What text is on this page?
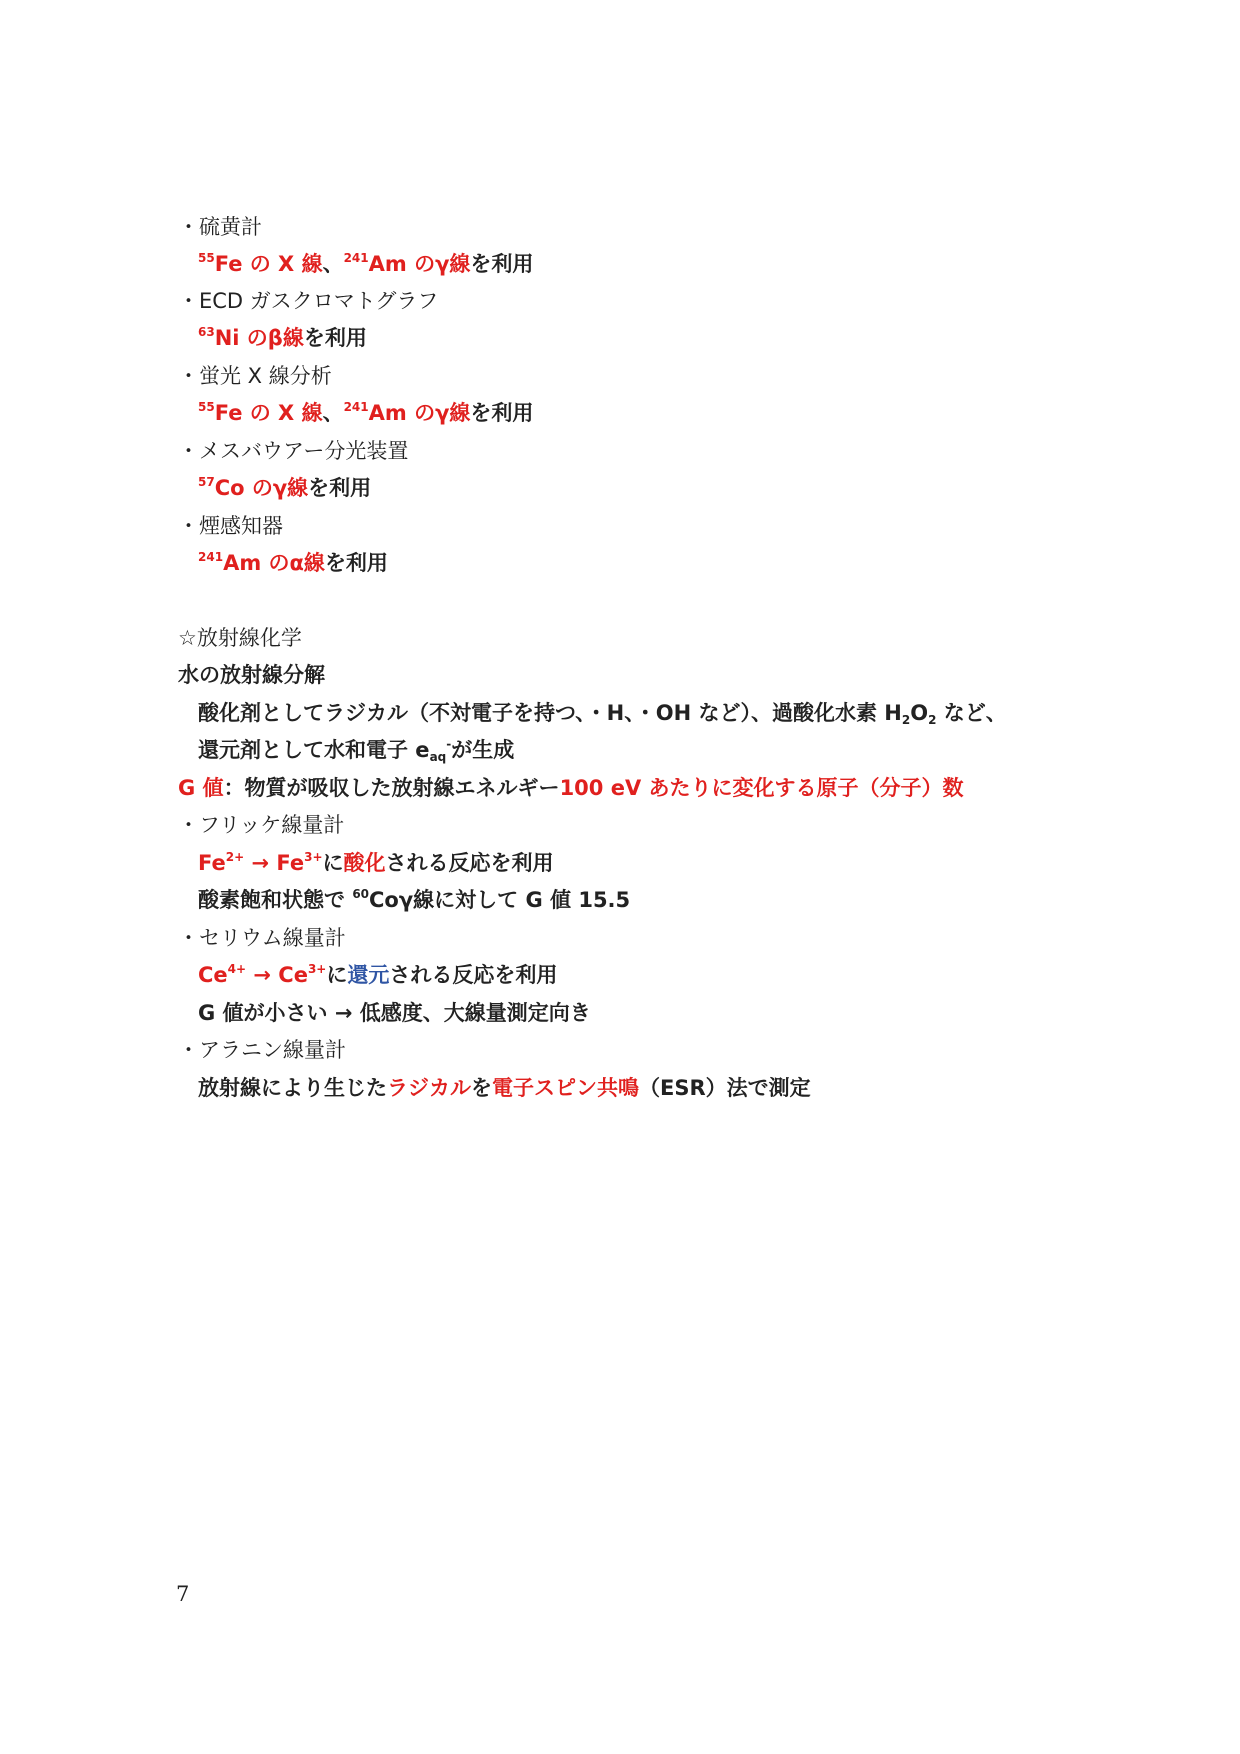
・硫黄計
$^{55}$Fe の X 線、$^{241}$Am のγ線を利用
・ECD ガスクロマトグラフ
$^{63}$Ni のβ線を利用
・蛍光 X 線分析
$^{55}$Fe の X 線、$^{241}$Am のγ線を利用
・メスバウアー分光装置
$^{57}$Co のγ線を利用
・煙感知器
$^{241}$Am のα線を利用
☆放射線化学
水の放射線分解
酸化剤としてラジカル（不対電子を持つ、・H、・OH など）、過酸化水素 $H_2O_2$ など、
還元剤として水和電子 $e_{aq}^-$が生成
G 値：物質が吸収した放射線エネルギー100 eV あたりに変化する原子（分子）数
・フリッケ線量計
$Fe^{2+} \to Fe^{3+}$に酸化される反応を利用
酸素飽和状態で $^{60}$Coγ線に対して G 値 15.5
・セリウム線量計
$Ce^{4+} \to Ce^{3+}$に還元される反応を利用
G 値が小さい → 低感度、大線量測定向き
・アラニン線量計
放射線により生じたラジカルを電子スピン共鳴（ESR）法で測定
7
